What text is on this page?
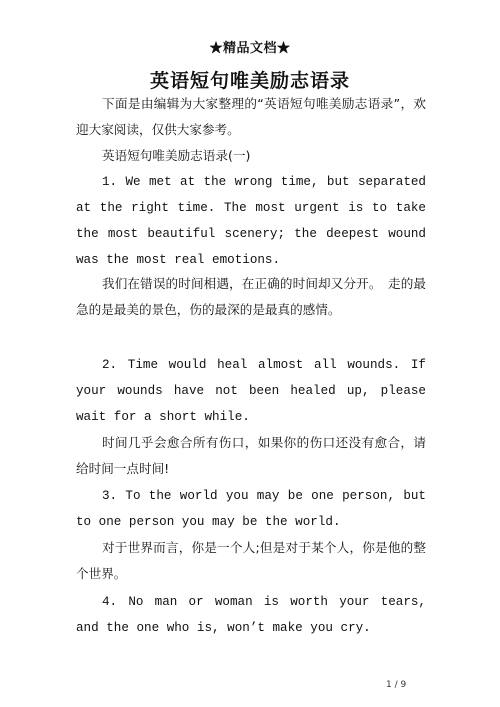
★精品文档★
英语短句唯美励志语录
下面是由编辑为大家整理的“英语短句唯美励志语录”，欢迎大家阅读，仅供大家参考。
英语短句唯美励志语录(一)
1. We met at the wrong time, but separated at the right time. The most urgent is to take the most beautiful scenery; the deepest wound was the most real emotions.
我们在错误的时间相遇，在正确的时间却又分开。　走的最急的是最美的景色，伤的最深的是最真的感情。
2. Time would heal almost all wounds. If your wounds have not been healed up, please wait for a short while.
时间几乎会愈合所有伤口，如果你的伤口还没有愈合，请给时间一点时间!
3. To the world you may be one person, but to one person you may be the world.
对于世界而言，你是一个人;但是对于某个人，你是他的整个世界。
4. No man or woman is worth your tears, and the one who is, won’t make you cry.
1 / 9
